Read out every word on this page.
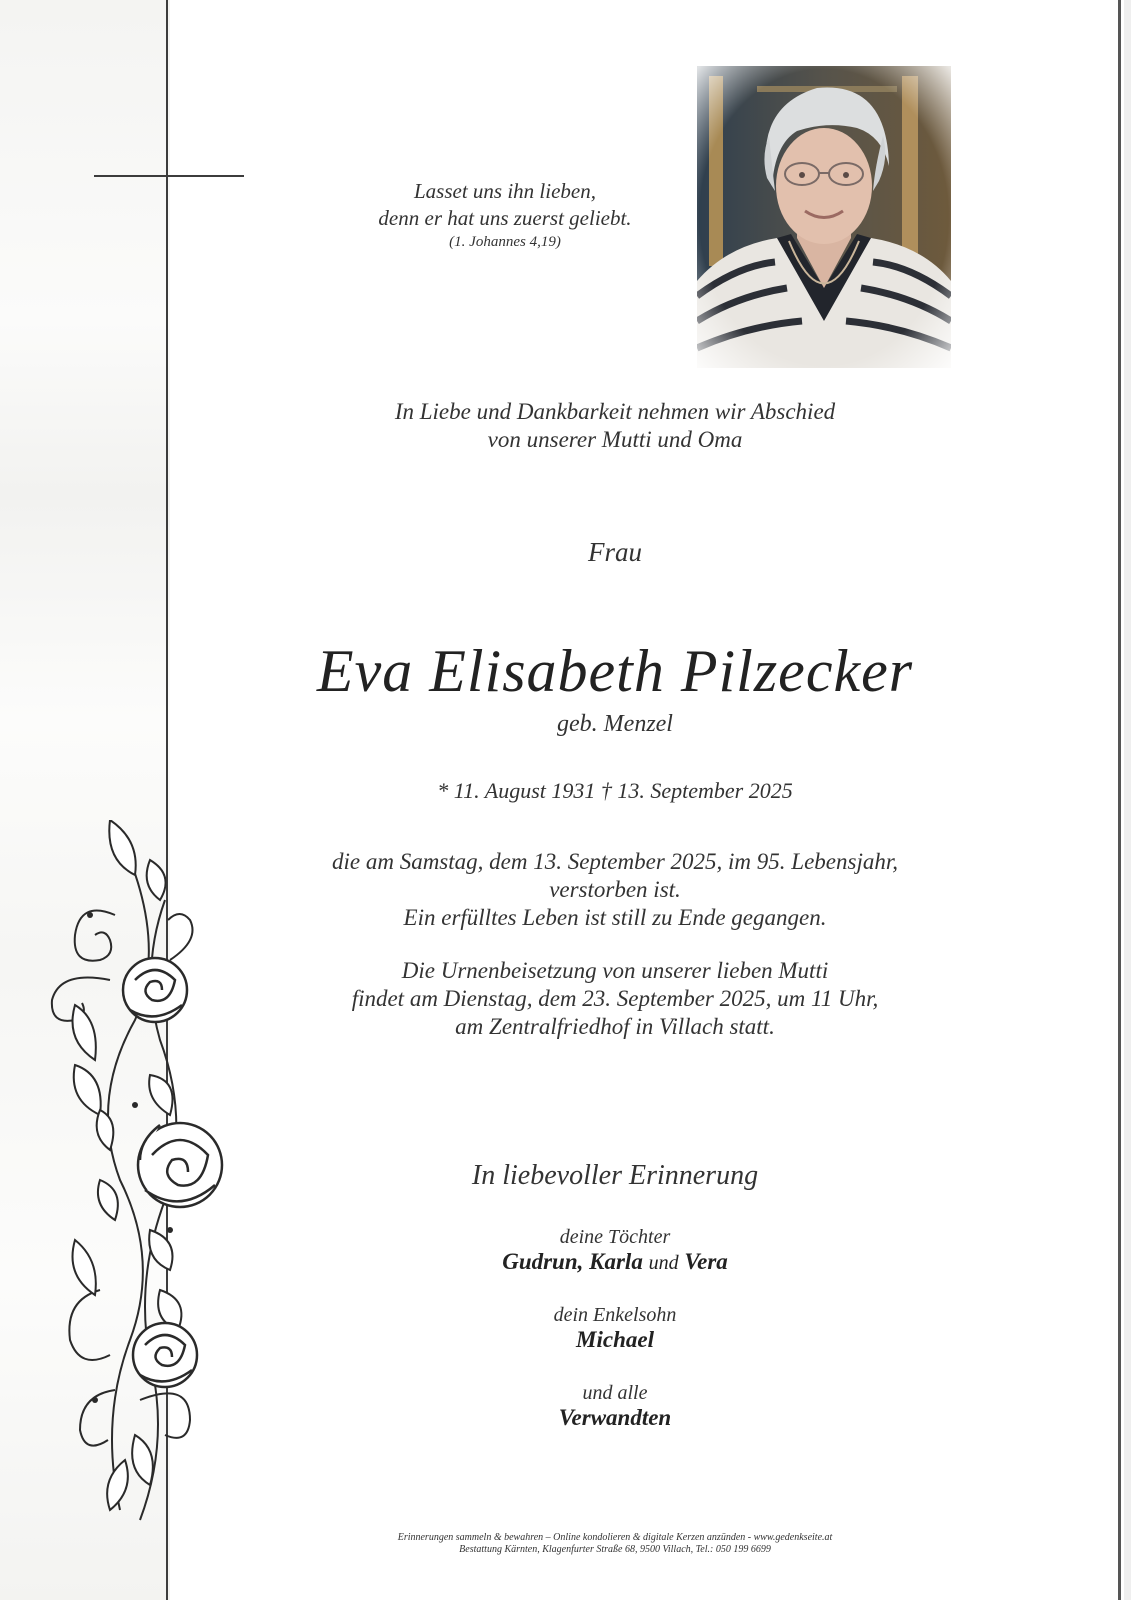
Lasset uns ihn lieben,
denn er hat uns zuerst geliebt.
(1. Johannes 4,19)
In Liebe und Dankbarkeit nehmen wir Abschied
von unserer Mutti und Oma
Frau
Eva Elisabeth Pilzecker
geb. Menzel
* 11. August 1931 † 13. September 2025
die am Samstag, dem 13. September 2025, im 95. Lebensjahr,
verstorben ist.
Ein erfülltes Leben ist still zu Ende gegangen.
Die Urnenbeisetzung von unserer lieben Mutti
findet am Dienstag, dem 23. September 2025, um 11 Uhr,
am Zentralfriedhof in Villach statt.
In liebevoller Erinnerung
deine Töchter
Gudrun, Karla und Vera
dein Enkelsohn
Michael
und alle
Verwandten
Erinnerungen sammeln & bewahren – Online kondolieren & digitale Kerzen anzünden - www.gedenkseite.at
Bestattung Kärnten, Klagenfurter Straße 68, 9500 Villach, Tel.: 050 199 6699
